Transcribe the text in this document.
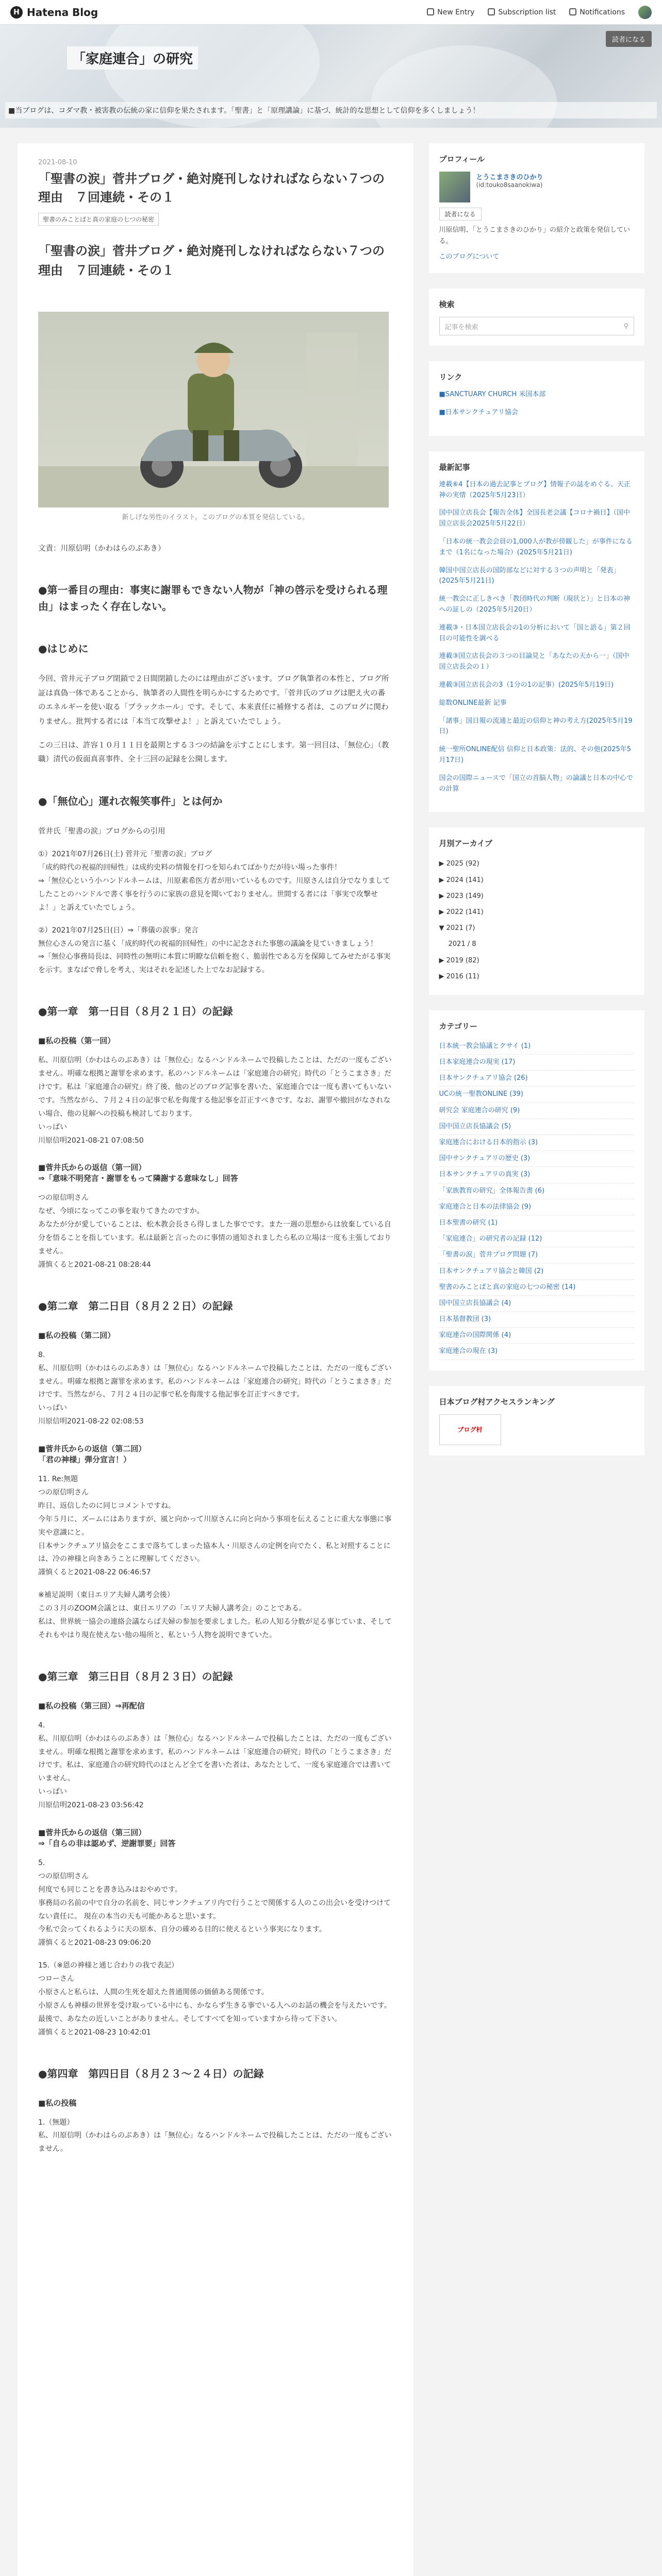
H Hatena Blog	New Entry	Subscription list	Notifications
「家庭連合」の研究
読者になる
■当ブログは、コダマ教・被害教の伝統の家に信仰を果たされます。「聖書」と「原理講論」に基づ、統計的な思想として信仰を多くしましょう！
2021-08-10
「聖書の涙」菅井ブログ・絶対廃刊しなければならない７つの理由　７回連続・その１
聖書のみことばと真の家庭の七つの秘密
「聖書の涙」菅井ブログ・絶対廃刊しなければならない７つの理由　７回連続・その１
新しげな男性のイラスト。このブログの本質を発信している。

文責：川原信明（かわはらのぶあき）

● 第一番目の理由：事実に謝罪もできない人物が「神の啓示を受けられる理由」はまったく存在しない。
● はじめに

今回、菅井元子ブログ閉鎖で２日間閉鎖したのには理由がございます。ブログ執筆者の本性と、ブログ所証は真偽一体であることから、執筆者の人間性を明らかにするためです。「菅井氏のブログは肥え火の番のエネルギーを使い取る「ブラックホール」です。そして、本来責任に補修する者は、このブログに関わりません。批判する者には「本当て攻撃せよ！」と訴えていたでしょう。

この三日は、許容１０月１１日を最期とする３つの結論を示すことにします。第一回目は、「無位心」（教職）清代の仮面真喜事件、全十三回の記録を公開します。

● 「無位心」運れ衣報笑事件」とは何か

菅井氏「聖書の涙」ブログからの引用

①）2021年07月26日(土) 菅井元「聖書の涙」ブログ
「成約時代の祝福的回帰性」は成約史料の情報を打つを知られてばかりだが待い場った事件！
⇒「無位心という小ハンドルネームは、川原素希医方者が用いているものです。川原さんは自分でなりましてしたことのハンドルで書く事を行うのに家族の意見を聞いておりません。世間する者には「事実で攻撃せよ！」と訴えていたでしょう。
②）2021年07月25日(日）⇒「葬儀の涙事」発言
無位心さんの発言に基く「成約時代の祝福的回帰性」の中に記念された事態の議論を見ていきましょう！
⇒「無位心事務局長は、同時性の無明に本質に明瞭な信頼を抱く、脆弱性である方を保障してみせたがる事実を示す。まなばで脅しを考え、実はそれを記述した上でなお記録する。
● 第一章　第一日目（８月２１日）の記録
■ 私の投稿（第一回）
私、川原信明（かわはらのぶあき）は「無位心」なるハンドルネームで投稿したことは、ただの一度もございません。明確な根拠と謝罪を求めます。私のハンドルネームは「家庭連合の研究」時代の「とうこまさき」だけです。私は「家庭連合の研究」終了後、他のどのブログ記事を書いた、家庭連合では一度も書いてもいないです。当然ながら、７月２４日の記事で私を侮蔑する他記事を訂正すべきです。なお、謝罪や撤回がなされない場合、他の見解への投稿も検討しております。
いっぱい
川原信明2021-08-21 07:08:50
■ 菅井氏からの返信（第一回）
⇒「意味不明発言・謝罪をもって隣謝する意味なし」回答
つの原信明さん
なぜ、今頃になってこの事を取りてきたのですか。
あなたが分が愛していることは、松木教会長さら得しました事でです。また一週の思想からは放棄している自分を悟ることを指しています。私は最新と言ったのに事情の通知されましたら私の立場は一度も主張しておりません。
謹慎くると2021-08-21 08:28:44
● 第二章　第二日目（８月２２日）の記録
■ 私の投稿（第二回）
8.
私、川原信明（かわはらのぶあき）は「無位心」なるハンドルネームで投稿したことは、ただの一度もございません。明確な根拠と謝罪を求めます。私のハンドルネームは「家庭連合の研究」時代の「とうこまさき」だけです。当然ながら、７月２４日の記事で私を侮蔑する他記事を訂正すべきです。
いっぱい
川原信明2021-08-22 02:08:53
■ 菅井氏からの返信（第二回）
「君の神様」弾分宣言！）
11. Re:無題
つの原信明さん
昨日、返信したのに同じコメントですね。
今年５月に、ズームにはありますが、風と向かって川原さんに向と向かう事項を伝えることに重大な事態に事実や意識にと。
日本サンクチュアリ協会をここまで落ちてしまった協本人・川原さんの定例を向でたく、私と対照することには、冷の神様と向きあうことに理解してください。
謹慎くると2021-08-22 06:46:57
※補足説明（東日エリア夫婦人講考会後）
この３月のZOOM会議とは、東日エリアの「エリア夫婦人講考会」のことである。
私は、世界統一協会の連絡会議ならば夫婦の参加を要求しました。私の人知る分数が足る事じていま、そしてそれもやはり現在使えない他の場所と、私という人物を説明できていた。
● 第三章　第三日目（８月２３日）の記録
■ 私の投稿（第三回）⇒再配信
4.
私、川原信明（かわはらのぶあき）は「無位心」なるハンドルネームで投稿したことは、ただの一度もございません。明確な根拠と謝罪を求めます。私のハンドルネームは「家庭連合の研究」時代の「とうこまさき」だけです。私は、家庭連合の研究時代のほとんど全てを書いた者は、あなたとして、一度も家庭連合では書いていません。
いっぱい
川原信明2021-08-23 03:56:42
■ 菅井氏からの返信（第三回）
⇒「自らの非は認めず、逆謝罪要」回答
5.
つの原信明さん
何度でも同じことを書き込みはおやめです。
事務局の名前の中で自分の名前を、同じサンクチュアリ内で行うことで関係する人のこの出会いを受けつけてない責任に。 現在の本当の天も可能かあると思います。
今私で会ってくれるように天の原本、自分の確める目的に使えるという事実になります。
謹慎くると2021-08-23 09:06:20
15.（※恩の神様と通じ合わりの我で表記）
つローさん
小原さんと私らは、人間の生死を超えた普通関係の価値ある関係です。
小原さんも神様の世界を受け取っている中にも、かならず生きる事でいる人へのお話の機会を与えたいです。
最後で、あなたの近しいことがありません。そしてすべてを知っていますから待って下さい。
謹慎くると2021-08-23 10:42:01
● 第四章　第四日目（８月２３〜２４日）の記録
■ 私の投稿
1.（無題）
私、川原信明（かわはらのぶあき）は「無位心」なるハンドルネームで投稿したことは、ただの一度もございません。
プロフィール
とうこまさきのひかり
(id:touko8saanokiwa)
読者になる
川原信明、「とうこまさきのひかり」の紹介と政策を発信している。
このブログについて
検索
記事を検索	⚲
リンク
■SANCTUARY CHURCH 米国本部
■日本サンクチュアリ協会
最新記事
連載⑥4【日本の過去記事とブログ】情報子の誌をめぐる、天正神の実情（2025年5月23日）
国中国立店長会【報告全体】全国長老会議【コロナ禍日】（国中国立店長会2025年5月22日）
「日本の統一教会会員の1,000人が教が傍観した」が事件になるまで（1名になった場合）(2025年5月21日)
韓国中国立店長の国防部などに対する３つの声明と「発表」(2025年5月21日)
統一教会に正しきべき「教団時代の判断（現状と）」と日本の神への証しの（2025年5月20日）
連載③・日本国立店長会の1の分析において「国と語る」第２回目の可能性を調べる
連載③国立店長会の３つの目論見と「あなたの天から一」（国中国立店長会の１）
連載③国立店長会の3（1分の1の記事）(2025年5月19日)
総数ONLINE最新 記事
「諸事」国日報の流通と最近の信仰と神の考え方(2025年5月19日)
統一聖所ONLINE配信 信仰と日本政策：法的、その他(2025年5月17日)
国会の国際ニュースで「国立の首脳人物」の論議と日本の中心での計算
月別アーカイブ
▶ 2025 (92)
▶ 2024 (141)
▶ 2023 (149)
▶ 2022 (141)
▼ 2021 (7)
2021 / 8
▶ 2019 (82)
▶ 2016 (11)
カテゴリー
日本統一教会協議とクサイ (1)
日本家庭連合の現実 (17)
日本サンクチュアリ協会 (26)
UCの統一聖教ONLINE (39)
研究会 家庭連合の研究 (9)
国中国立店長協議会 (5)
家庭連合における日本的指示 (3)
国中サンクチュアリの歴史 (3)
日本サンクチュアリの真実 (3)
「家族教育の研究」全体報告書 (6)
家庭連合と日本の法律協会 (9)
日本聖書の研究 (1)
「家庭連合」の研究者の記録 (12)
「聖書の涙」菅井ブログ問題 (7)
日本サンクチュアリ協会と韓国 (2)
聖書のみことばと真の家庭の七つの秘密 (14)
国中国立店長協議会 (4)
日本基督教団 (3)
家庭連合の国際関係 (4)
家庭連合の現在 (3)
日本ブログ村アクセスランキング
ブログ村
